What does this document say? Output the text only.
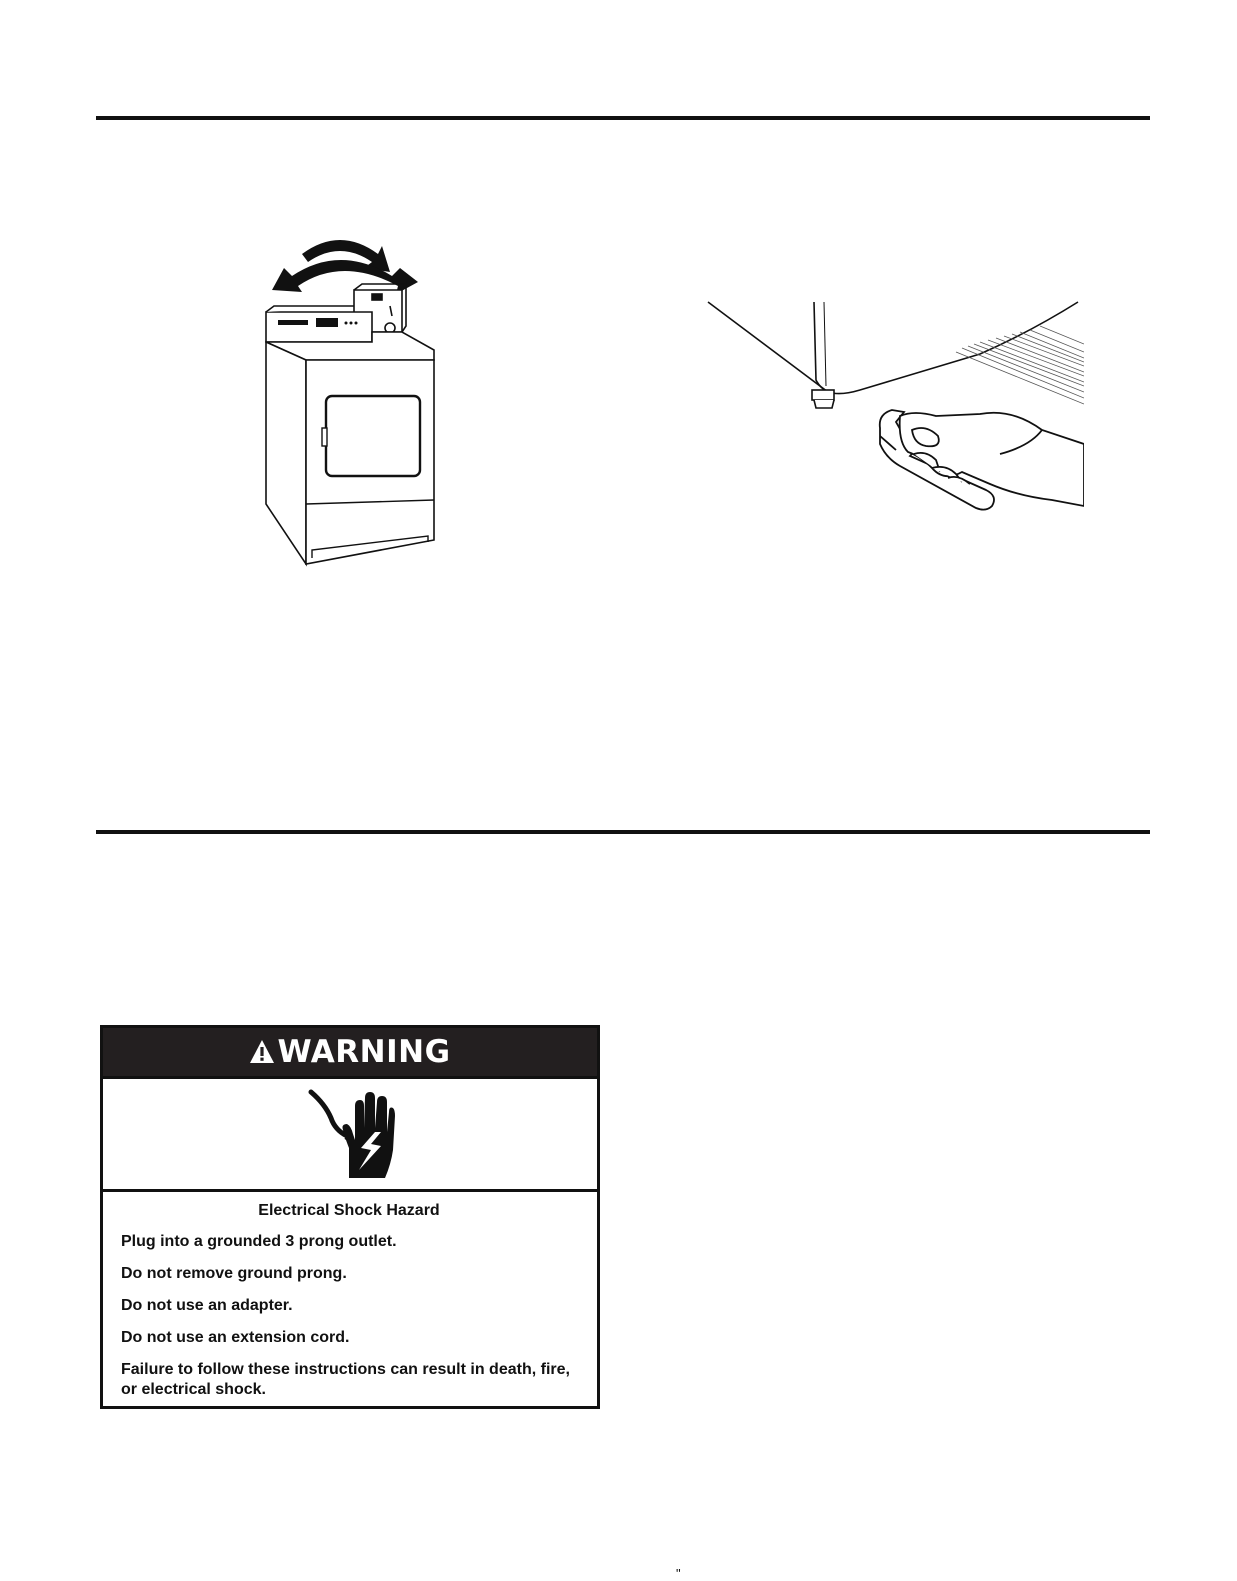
WARNING

Electrical Shock Hazard

Plug into a grounded 3 prong outlet.

Do not remove ground prong.

Do not use an adapter.

Do not use an extension cord.

Failure to follow these instructions can result in death, fire, or electrical shock.

"
